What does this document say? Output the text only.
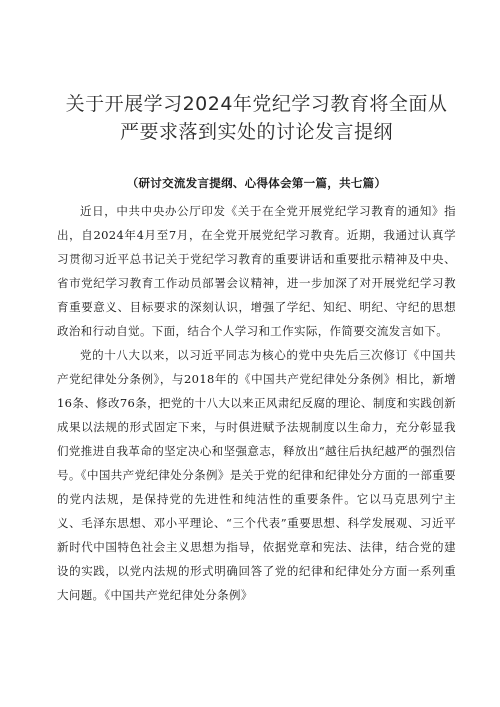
关于开展学习2024年党纪学习教育将全面从
严要求落到实处的讨论发言提纲
（研讨交流发言提纲、心得体会第一篇，共七篇）

近日，中共中央办公厅印发《关于在全党开展党纪学习教育的通知》指出，自2024年4月至7月，在全党开展党纪学习教育。近期，我通过认真学习贯彻习近平总书记关于党纪学习教育的重要讲话和重要批示精神及中央、省市党纪学习教育工作动员部署会议精神，进一步加深了对开展党纪学习教育重要意义、目标要求的深刻认识，增强了学纪、知纪、明纪、守纪的思想政治和行动自觉。下面，结合个人学习和工作实际，作简要交流发言如下。

党的十八大以来，以习近平同志为核心的党中央先后三次修订《中国共产党纪律处分条例》，与2018年的《中国共产党纪律处分条例》相比，新增16条、修改76条，把党的十八大以来正风肃纪反腐的理论、制度和实践创新成果以法规的形式固定下来，与时俱进赋予法规制度以生命力，充分彰显我们党推进自我革命的坚定决心和坚强意志，释放出“越往后执纪越严的强烈信号。《中国共产党纪律处分条例》是关于党的纪律和纪律处分方面的一部重要的党内法规，是保持党的先进性和纯洁性的重要条件。它以马克思列宁主义、毛泽东思想、邓小平理论、“三个代表”重要思想、科学发展观、习近平新时代中国特色社会主义思想为指导，依据党章和宪法、法律，结合党的建设的实践，以党内法规的形式明确回答了党的纪律和纪律处分方面一系列重大问题。《中国共产党纪律处分条例》
